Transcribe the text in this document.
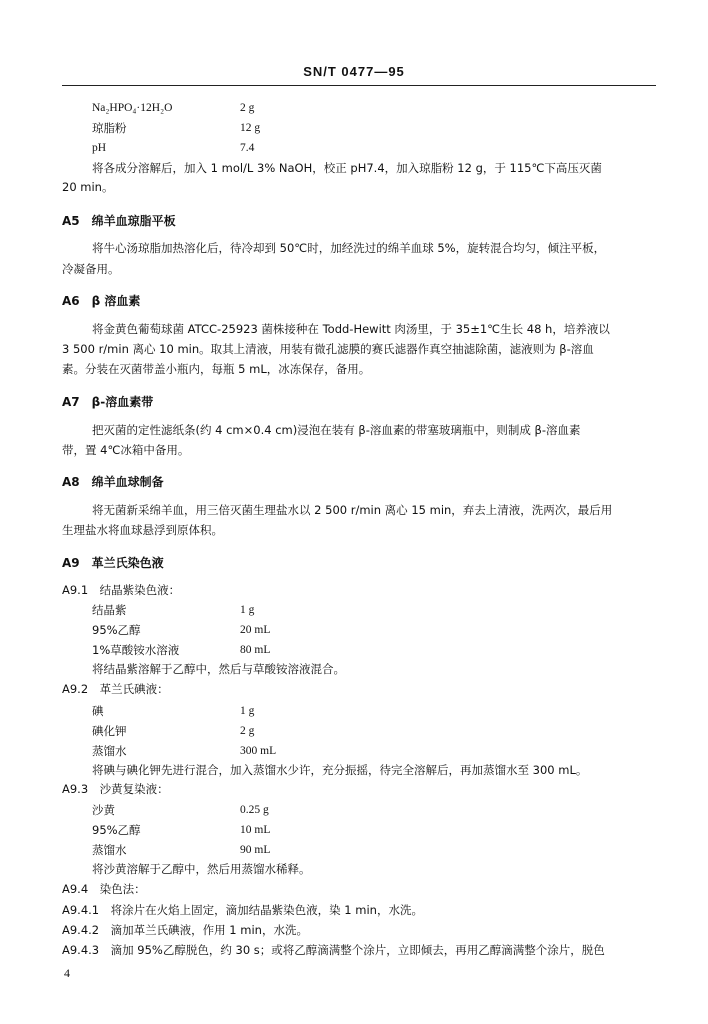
SN/T 0477—95
Na₂HPO₄·12H₂O	2 g
琼脂粉	12 g
pH	7.4
将各成分溶解后，加入 1 mol/L 3% NaOH，校正 pH7.4，加入琼脂粉 12 g，于 115℃下高压灭菌
20 min。
A5　绵羊血琼脂平板
将牛心汤琼脂加热溶化后，待冷却到 50℃时，加经洗过的绵羊血球 5%，旋转混合均匀，倾注平板，
冷凝备用。
A6　β 溶血素
将金黄色葡萄球菌 ATCC-25923 菌株接种在 Todd-Hewitt 肉汤里，于 35±1℃生长 48 h，培养液以
3 500 r/min 离心 10 min。取其上清液，用装有微孔滤膜的赛氏滤器作真空抽滤除菌，滤液则为 β-溶血
素。分装在灭菌带盖小瓶内，每瓶 5 mL，冰冻保存，备用。
A7　β-溶血素带
把灭菌的定性滤纸条(约 4 cm×0.4 cm)浸泡在装有 β-溶血素的带塞玻璃瓶中，则制成 β-溶血素
带，置 4℃冰箱中备用。
A8　绵羊血球制备
将无菌新采绵羊血，用三倍灭菌生理盐水以 2 500 r/min 离心 15 min，弃去上清液，洗两次，最后用
生理盐水将血球悬浮到原体积。
A9　革兰氏染色液
A9.1　结晶紫染色液：
结晶紫	1 g
95%乙醇	20 mL
1%草酸铵水溶液	80 mL
将结晶紫溶解于乙醇中，然后与草酸铵溶液混合。
A9.2　革兰氏碘液：
碘	1 g
碘化钾	2 g
蒸馏水	300 mL
将碘与碘化钾先进行混合，加入蒸馏水少许，充分振摇，待完全溶解后，再加蒸馏水至 300 mL。
A9.3　沙黄复染液：
沙黄	0.25 g
95%乙醇	10 mL
蒸馏水	90 mL
将沙黄溶解于乙醇中，然后用蒸馏水稀释。
A9.4　染色法：
A9.4.1　将涂片在火焰上固定，滴加结晶紫染色液，染 1 min，水洗。
A9.4.2　滴加革兰氏碘液，作用 1 min，水洗。
A9.4.3　滴加 95%乙醇脱色，约 30 s；或将乙醇滴满整个涂片，立即倾去，再用乙醇滴满整个涂片，脱色
4
